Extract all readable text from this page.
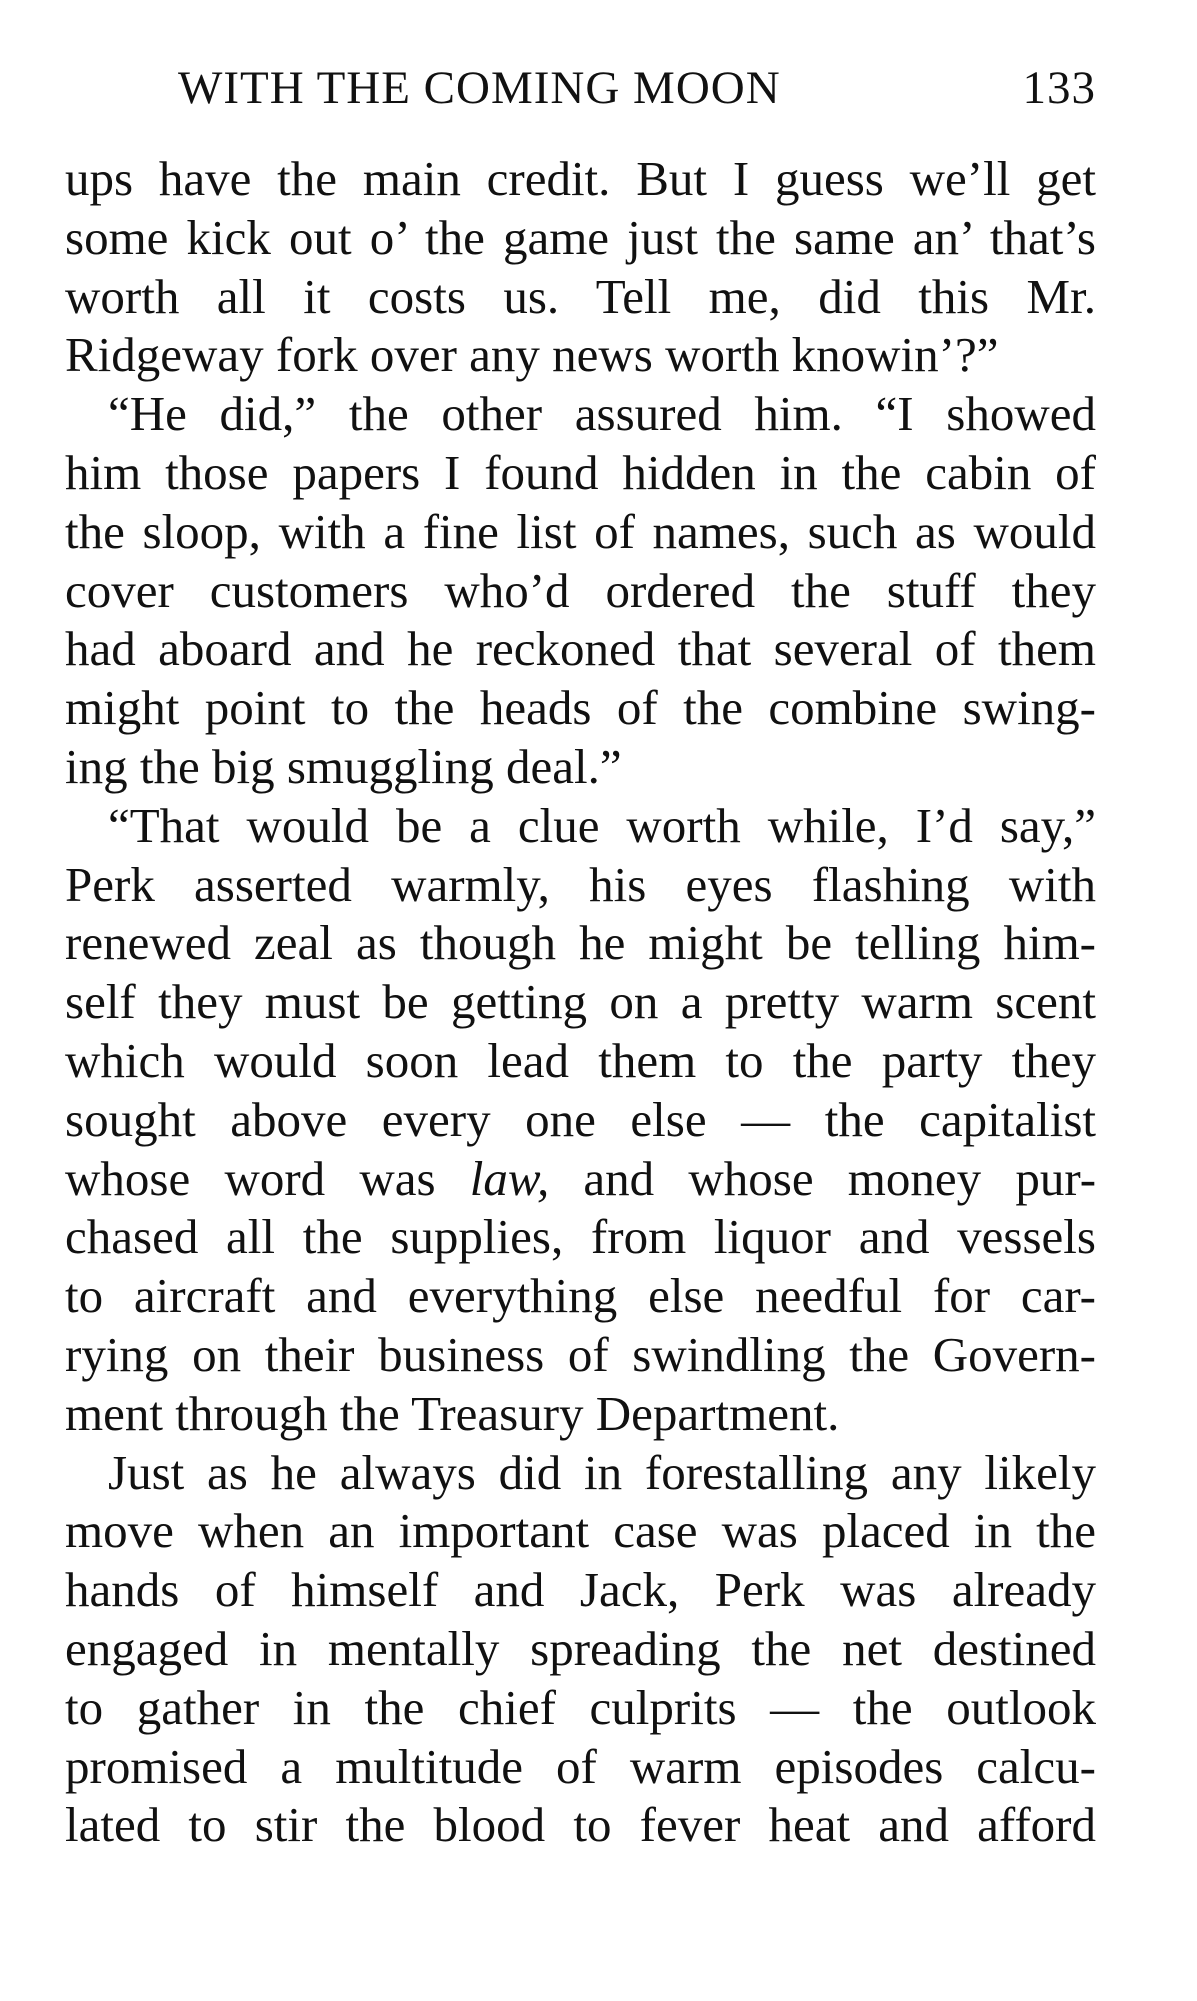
WITH THE COMING MOON	133
ups have the main credit. But I guess we’ll get
some kick out o’ the game just the same an’ that’s
worth all it costs us. Tell me, did this Mr.
Ridgeway fork over any news worth knowin’?”
“He did,” the other assured him. “I showed
him those papers I found hidden in the cabin of
the sloop, with a fine list of names, such as would
cover customers who’d ordered the stuff they
had aboard and he reckoned that several of them
might point to the heads of the combine swing-
ing the big smuggling deal.”
“That would be a clue worth while, I’d say,”
Perk asserted warmly, his eyes flashing with
renewed zeal as though he might be telling him-
self they must be getting on a pretty warm scent
which would soon lead them to the party they
sought above every one else — the capitalist
whose word was law, and whose money pur-
chased all the supplies, from liquor and vessels
to aircraft and everything else needful for car-
rying on their business of swindling the Govern-
ment through the Treasury Department.
Just as he always did in forestalling any likely
move when an important case was placed in the
hands of himself and Jack, Perk was already
engaged in mentally spreading the net destined
to gather in the chief culprits — the outlook
promised a multitude of warm episodes calcu-
lated to stir the blood to fever heat and afford
